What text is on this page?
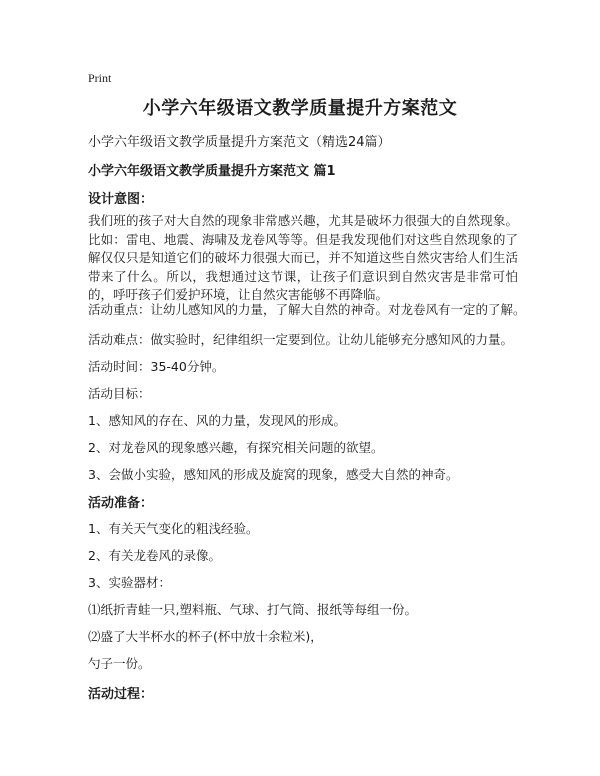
Print
小学六年级语文教学质量提升方案范文
小学六年级语文教学质量提升方案范文（精选24篇）
小学六年级语文教学质量提升方案范文 篇1
设计意图：
我们班的孩子对大自然的现象非常感兴趣，尤其是破坏力很强大的自然现象。比如：雷电、地震、海啸及龙卷风等等。但是我发现他们对这些自然现象的了解仅仅只是知道它们的破坏力很强大而已，并不知道这些自然灾害给人们生活带来了什么。所以，我想通过这节课，让孩子们意识到自然灾害是非常可怕的，呼吁孩子们爱护环境，让自然灾害能够不再降临。
活动重点：让幼儿感知风的力量，了解大自然的神奇。对龙卷风有一定的了解。
活动难点：做实验时，纪律组织一定要到位。让幼儿能够充分感知风的力量。
活动时间：35-40分钟。
活动目标：
1、感知风的存在、风的力量，发现风的形成。
2、对龙卷风的现象感兴趣，有探究相关问题的欲望。
3、会做小实验，感知风的形成及旋窝的现象，感受大自然的神奇。
活动准备：
1、有关天气变化的粗浅经验。
2、有关龙卷风的录像。
3、实验器材：
⑴纸折青蛙一只,塑料瓶、气球、打气筒、报纸等每组一份。
⑵盛了大半杯水的杯子(杯中放十余粒米)，
勺子一份。
活动过程：
